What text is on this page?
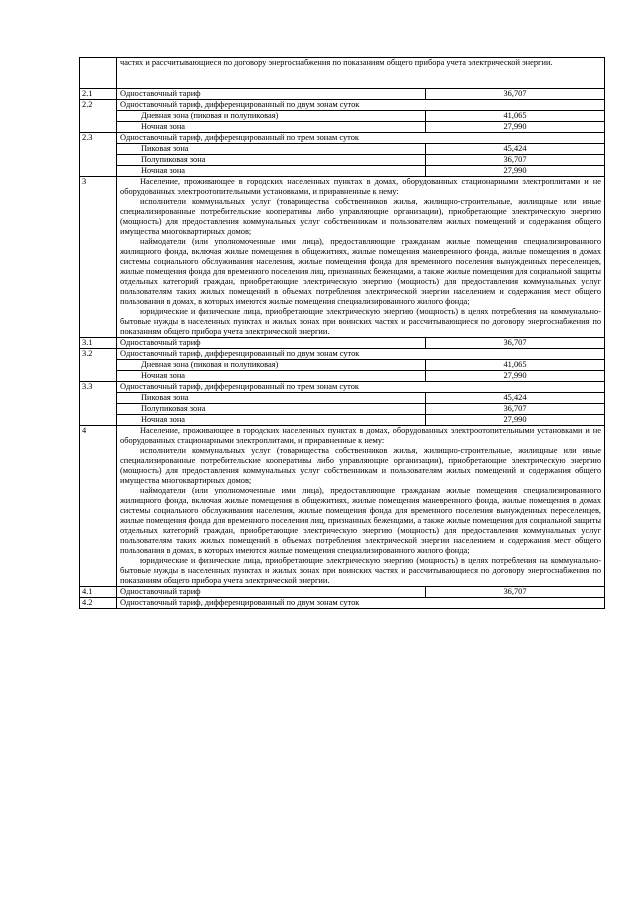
	частях и рассчитывающиеся по договору энергоснабжения по показаниям общего прибора учета электрической энергии.	
2.1	Одноставочный тариф	36,707
2.2	Одноставочный тариф, дифференцированный по двум зонам суток	
	Дневная зона (пиковая и полупиковая)	41,065
	Ночная зона	27,990
2.3	Одноставочный тариф, дифференцированный по трем зонам суток	
	Пиковая зона	45,424
	Полупиковая зона	36,707
	Ночная зона	27,990
3	Население, проживающее в городских населенных пунктах в домах, оборудованных стационарными электроплитами и не оборудованных электроотопительными установками, и приравненные к нему:

исполнители коммунальных услуг (товарищества собственников жилья, жилищно-строительные, жилищные или иные специализированные потребительские кооперативы либо управляющие организации), приобретающие электрическую энергию (мощность) для предоставления коммунальных услуг собственникам и пользователям жилых помещений и содержания общего имущества многоквартирных домов;

наймодатели (или уполномоченные ими лица), предоставляющие гражданам жилые помещения специализированного жилищного фонда, включая жилые помещения в общежитиях, жилые помещения маневренного фонда, жилые помещения в домах системы социального обслуживания населения, жилые помещения фонда для временного поселения вынужденных переселенцев, жилые помещения фонда для временного поселения лиц, признанных беженцами, а также жилые помещения для социальной защиты отдельных категорий граждан, приобретающие электрическую энергию (мощность) для предоставления коммунальных услуг пользователям таких жилых помещений в объемах потребления электрической энергии населением и содержания мест общего пользования в домах, в которых имеются жилые помещения специализированного жилого фонда;

юридические и физические лица, приобретающие электрическую энергию (мощность) в целях потребления на коммунально-бытовые нужды в населенных пунктах и жилых зонах при воинских частях и рассчитывающиеся по договору энергоснабжения по показаниям общего прибора учета электрической энергии.	

3.1	Одноставочный тариф	36,707
3.2	Одноставочный тариф, дифференцированный по двум зонам суток	
	Дневная зона (пиковая и полупиковая)	41,065
	Ночная зона	27,990
3.3	Одноставочный тариф, дифференцированный по трем зонам суток	
	Пиковая зона	45,424
	Полупиковая зона	36,707
	Ночная зона	27,990
4	Население, проживающее в городских населенных пунктах в домах, оборудованных электроотопительными установками и не оборудованных стационарными электроплитами, и приравненные к нему:

исполнители коммунальных услуг (товарищества собственников жилья, жилищно-строительные, жилищные или иные специализированные потребительские кооперативы либо управляющие организации), приобретающие электрическую энергию (мощность) для предоставления коммунальных услуг собственникам и пользователям жилых помещений и содержания общего имущества многоквартирных домов;

наймодатели (или уполномоченные ими лица), предоставляющие гражданам жилые помещения специализированного жилищного фонда, включая жилые помещения в общежитиях, жилые помещения маневренного фонда, жилые помещения в домах системы социального обслуживания населения, жилые помещения фонда для временного поселения вынужденных переселенцев, жилые помещения фонда для временного поселения лиц, признанных беженцами, а также жилые помещения для социальной защиты отдельных категорий граждан, приобретающие электрическую энергию (мощность) для предоставления коммунальных услуг пользователям таких жилых помещений в объемах потребления электрической энергии населением и содержания мест общего пользования в домах, в которых имеются жилые помещения специализированного жилого фонда;

юридические и физические лица, приобретающие электрическую энергию (мощность) в целях потребления на коммунально-бытовые нужды в населенных пунктах и жилых зонах при воинских частях и рассчитывающиеся по договору энергоснабжения по показаниям общего прибора учета электрической энергии.	

4.1	Одноставочный тариф	36,707
4.2	Одноставочный тариф, дифференцированный по двум зонам суток	
